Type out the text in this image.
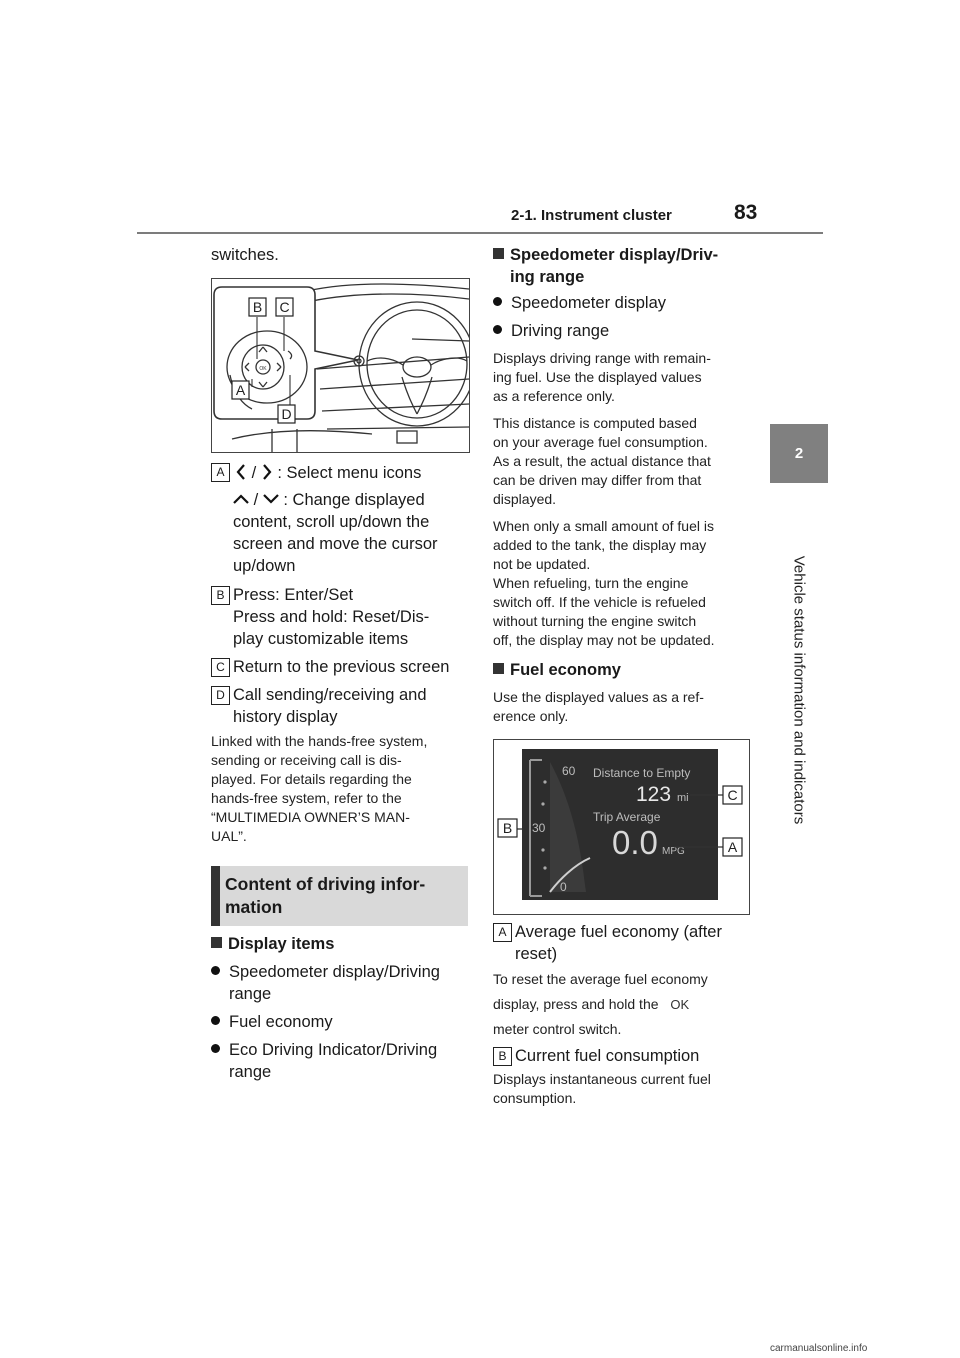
2-1. Instrument cluster	83
2
Vehicle status information and indicators
switches.
OK
B C
A
D
A	/ : Select menu icons
/ : Change displayed
content, scroll up/down the
screen and move the cursor
up/down
B Press: Enter/Set
Press and hold: Reset/Dis-
play customizable items
C Return to the previous screen
D Call sending/receiving and
history display
Linked with the hands-free system,
sending or receiving call is dis-
played. For details regarding the
hands-free system, refer to the
“MULTIMEDIA OWNER’S MAN-
UAL”.
Content of driving infor-
mation
Display items
Speedometer display/Driving
range
Fuel economy
Eco Driving Indicator/Driving
range
Speedometer display/Driv-
ing range
Speedometer display
Driving range
Displays driving range with remain-
ing fuel. Use the displayed values
as a reference only.
This distance is computed based
on your average fuel consumption.
As a result, the actual distance that
can be driven may differ from that
displayed.
When only a small amount of fuel is
added to the tank, the display may
not be updated.
When refueling, turn the engine
switch off. If the vehicle is refueled
without turning the engine switch
off, the display may not be updated.
Fuel economy
Use the displayed values as a ref-
erence only.
60
30
0
Distance to Empty
123 mi
Trip Average
0.0 MPG
C
B
A
A Average fuel economy (after
reset)
To reset the average fuel economy
display, press and hold the OK
meter control switch.
B Current fuel consumption
Displays instantaneous current fuel
consumption.
carmanualsonline.info
